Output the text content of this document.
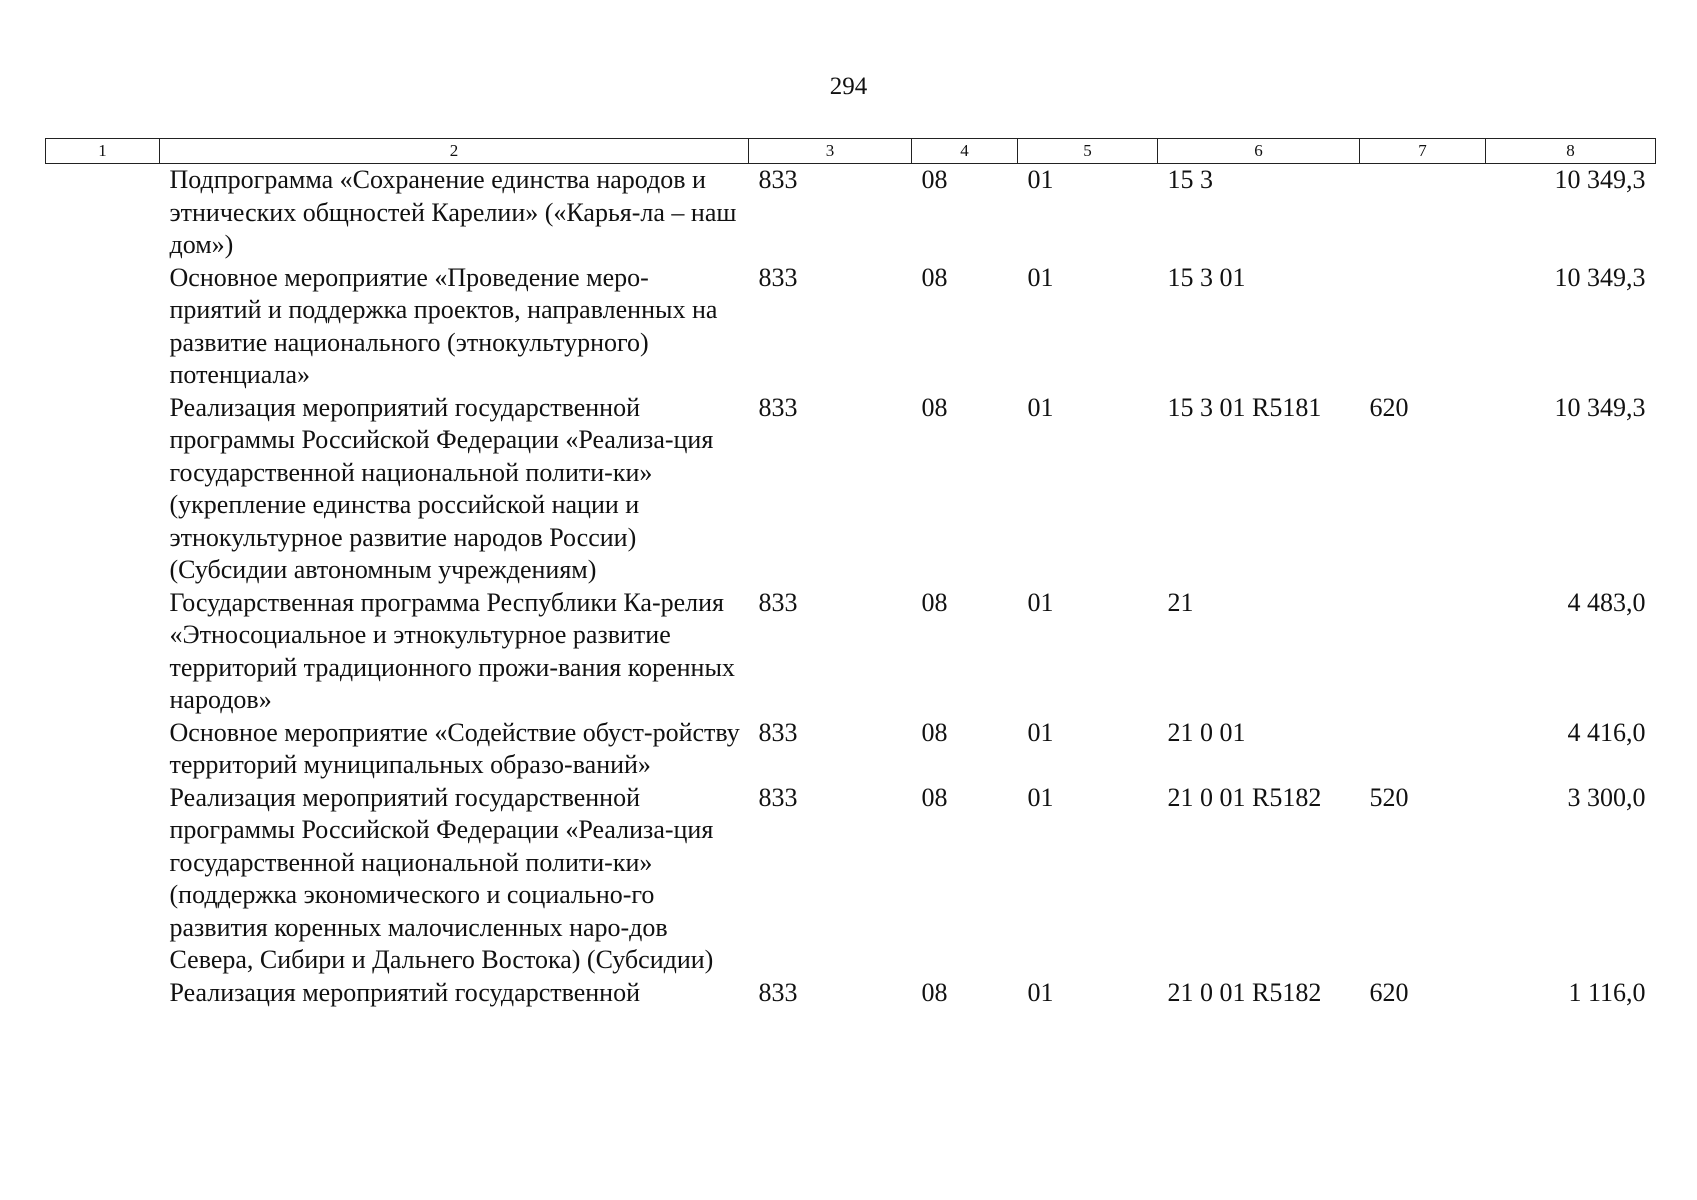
294
1	2	3	4	5	6	7	8
	Подпрограмма «Сохранение единства народов и этнических общностей Карелии» («Карья-ла – наш дом»)	833	08	01	15 3		10 349,3
	Основное мероприятие «Проведение меро-приятий и поддержка проектов, направленных на развитие национального (этнокультурного) потенциала»	833	08	01	15 3 01		10 349,3
	Реализация мероприятий государственной программы Российской Федерации «Реализа-ция государственной национальной полити-ки» (укрепление единства российской нации и этнокультурное развитие народов России) (Субсидии автономным учреждениям)	833	08	01	15 3 01 R5181	620	10 349,3
	Государственная программа Республики Ка-релия «Этносоциальное и этнокультурное развитие территорий традиционного прожи-вания коренных народов»	833	08	01	21		4 483,0
	Основное мероприятие «Содействие обуст-ройству территорий муниципальных образо-ваний»	833	08	01	21 0 01		4 416,0
	Реализация мероприятий государственной программы Российской Федерации «Реализа-ция государственной национальной полити-ки» (поддержка экономического и социально-го развития коренных малочисленных наро-дов Севера, Сибири и Дальнего Востока) (Субсидии)	833	08	01	21 0 01 R5182	520	3 300,0
	Реализация мероприятий государственной	833	08	01	21 0 01 R5182	620	1 116,0
